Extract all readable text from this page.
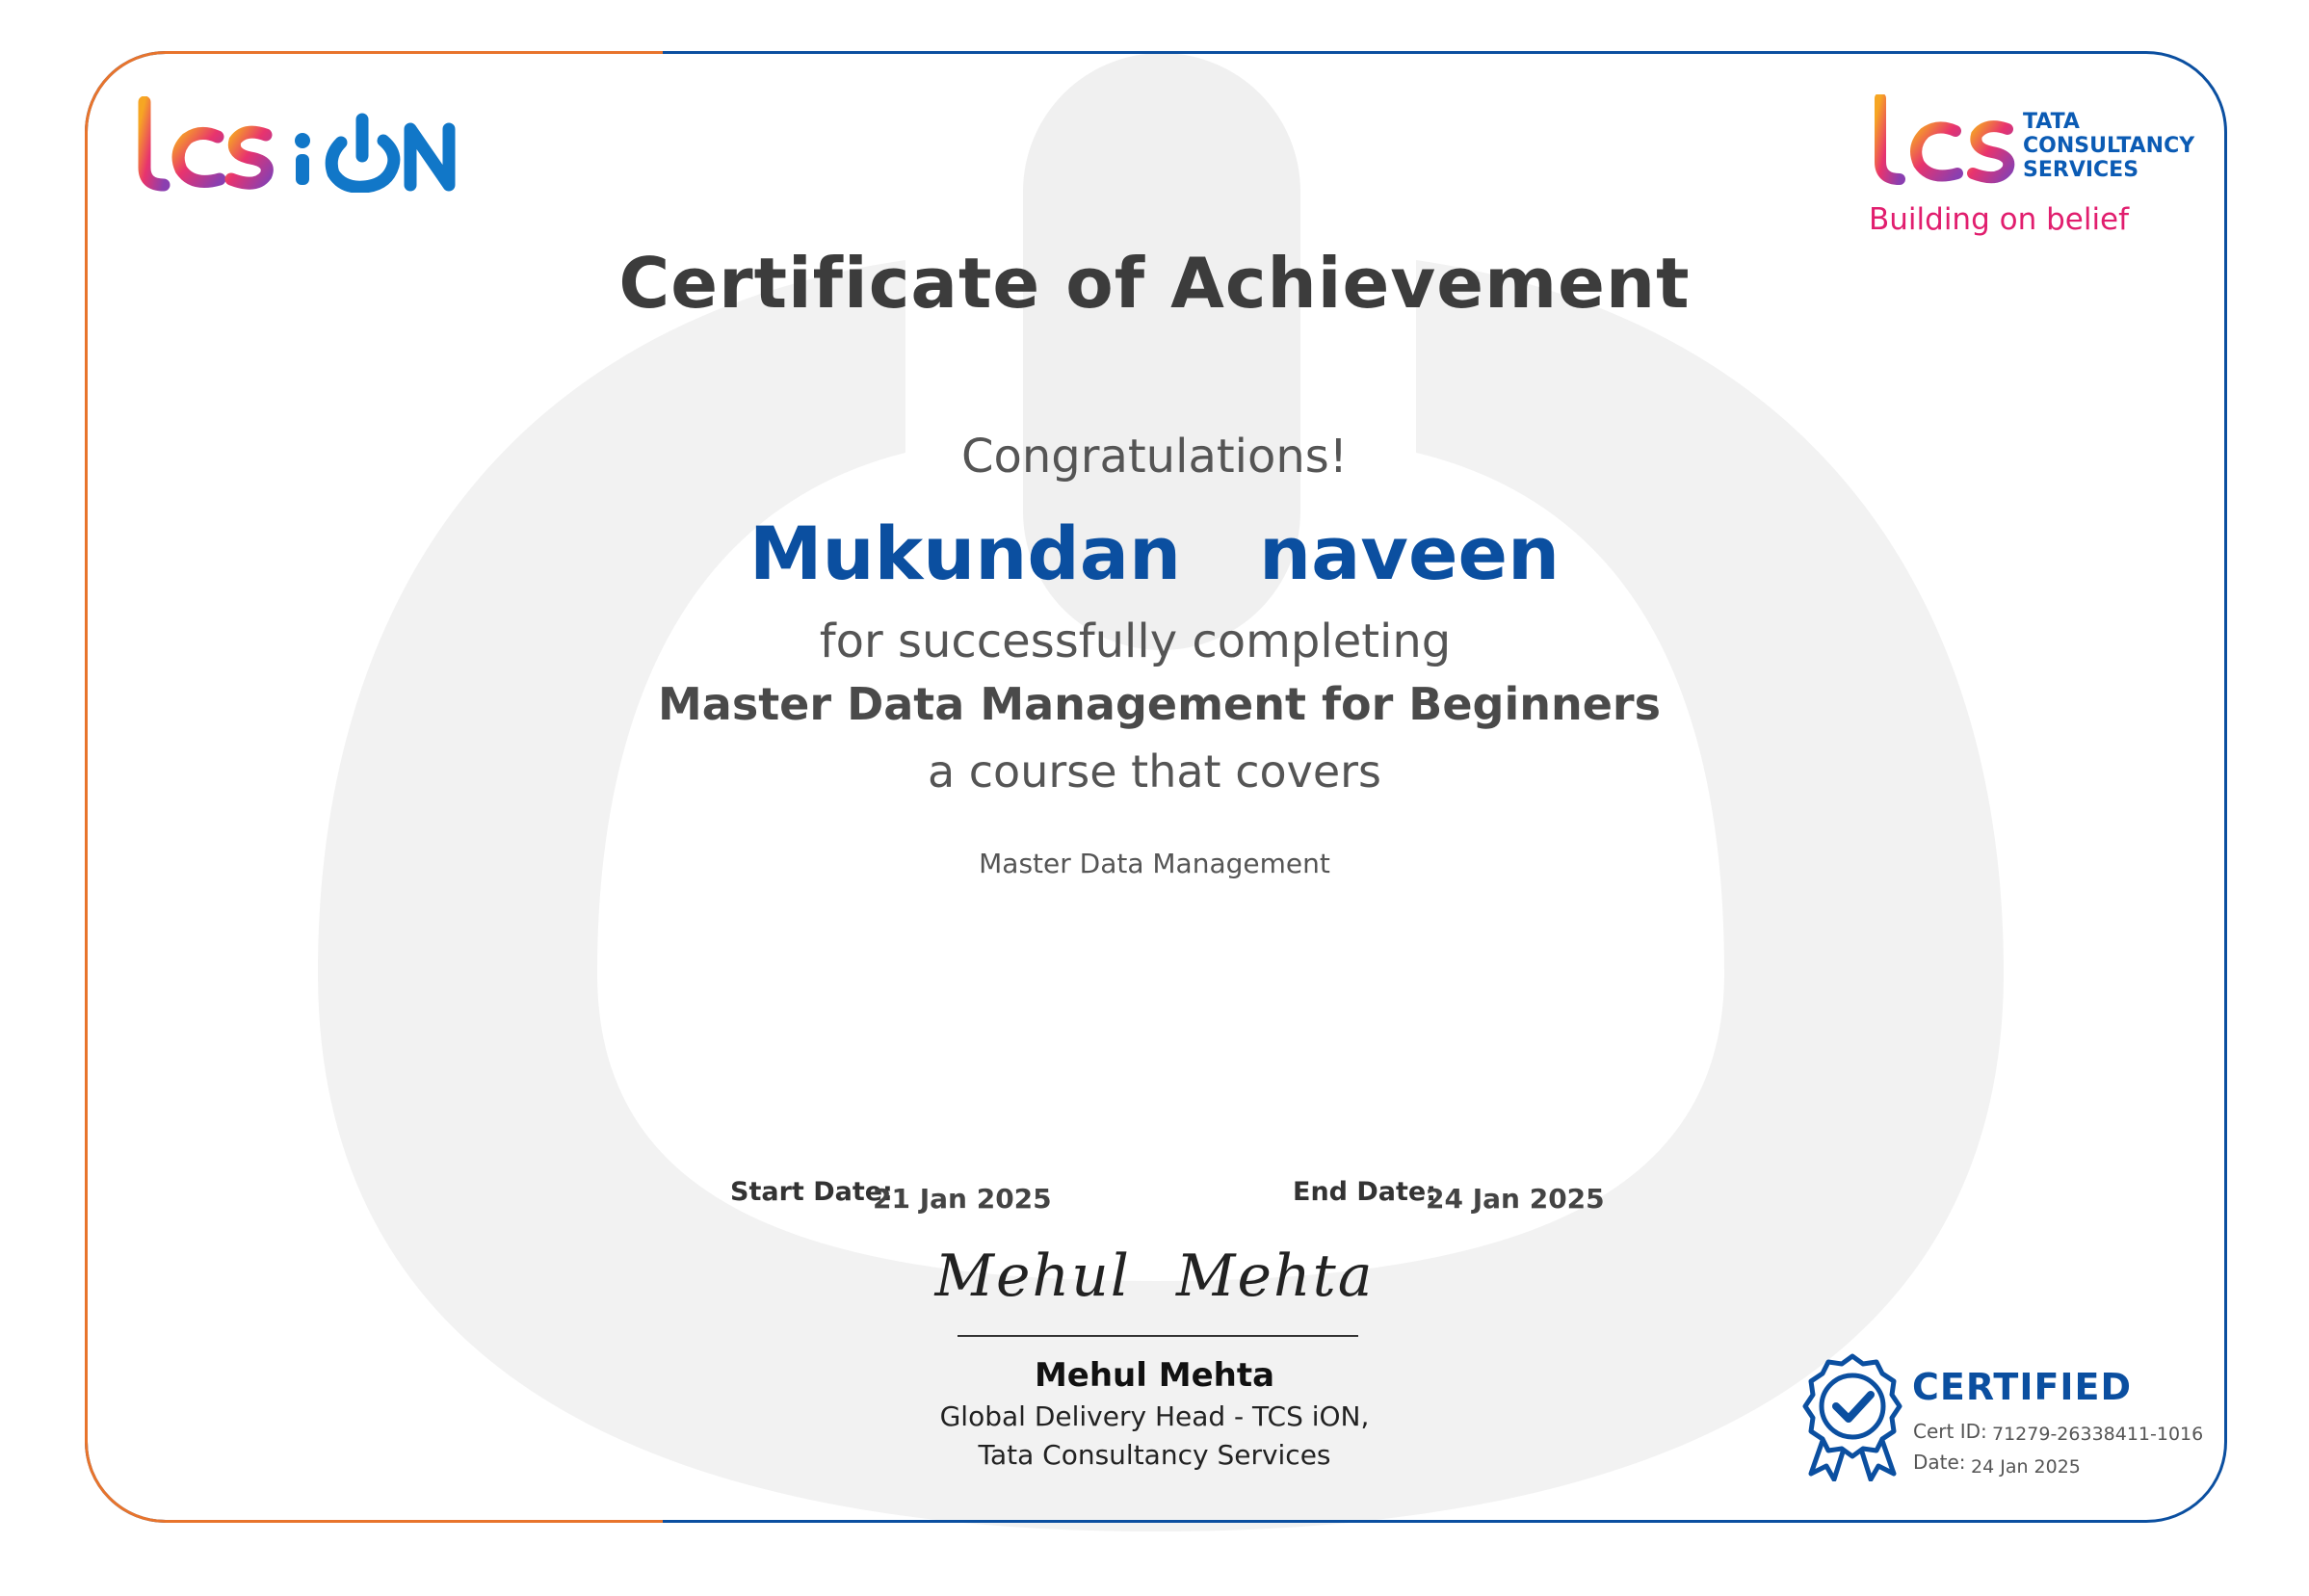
TATA CONSULTANCY SERVICES
Building on belief
Certificate of Achievement
Congratulations!
Mukundan  naveen
for successfully completing
Master Data Management for Beginners
a course that covers
Master Data Management
Start Date:
21 Jan 2025	End Date:
24 Jan 2025
Mehul Mehta
Mehul Mehta
Global Delivery Head - TCS iON,
Tata Consultancy Services
CERTIFIED
Cert ID: 71279-26338411-1016
Date: 24 Jan 2025
